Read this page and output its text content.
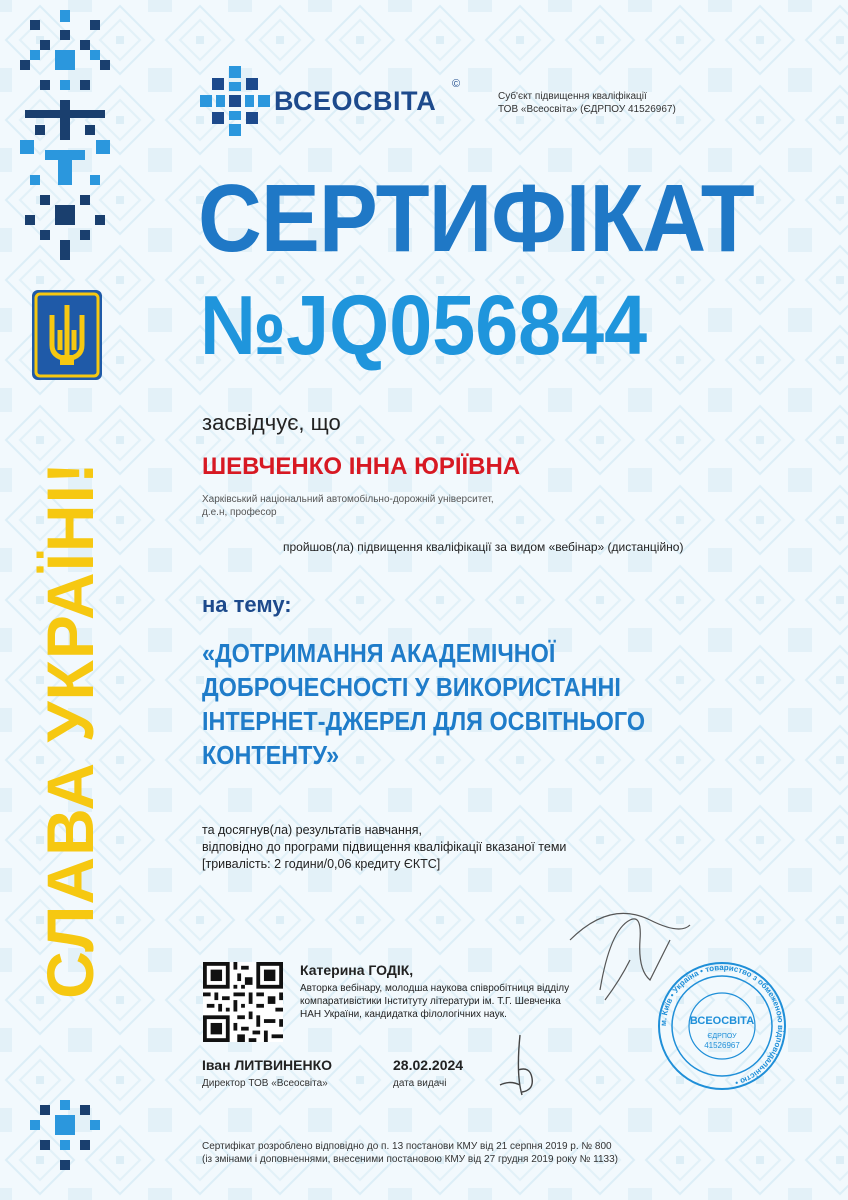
СЛАВА УКРАЇНІ!
ВСЕОСВІТА
©
Суб'єкт підвищення кваліфікації
ТОВ «Всеосвіта» (ЄДРПОУ 41526967)
СЕРТИФІКАТ
№JQ056844
засвідчує, що
ШЕВЧЕНКО ІННА ЮРІЇВНА
Харківський національний автомобільно-дорожній університет,
д.е.н, професор
пройшов(ла) підвищення кваліфікації за видом «вебінар» (дистанційно)
на тему:
«ДОТРИМАННЯ АКАДЕМІЧНОЇ
ДОБРОЧЕСНОСТІ У ВИКОРИСТАННІ
ІНТЕРНЕТ-ДЖЕРЕЛ ДЛЯ ОСВІТНЬОГО
КОНТЕНТУ»
та досягнув(ла) результатів навчання,
відповідно до програми підвищення кваліфікації вказаної теми
[тривалість: 2 години/0,06 кредиту ЄКТС]
Катерина ГОДІК,
Авторка вебінару, молодша наукова співробітниця відділу
компаративістики Інституту літератури ім. Т.Г. Шевченка
НАН України, кандидатка філологічних наук.
м. Київ • Україна • товариство з обмеженою відповідальністю •
ВСЕОСВІТА
ЄДРПОУ
41526967
Іван ЛИТВИНЕНКО
Директор ТОВ «Всеосвіта»
28.02.2024
дата видачі
Сертифікат розроблено відповідно до п. 13 постанови КМУ від 21 серпня 2019 р. № 800
(із змінами і доповненнями, внесеними постановою КМУ від 27 грудня 2019 року № 1133)
